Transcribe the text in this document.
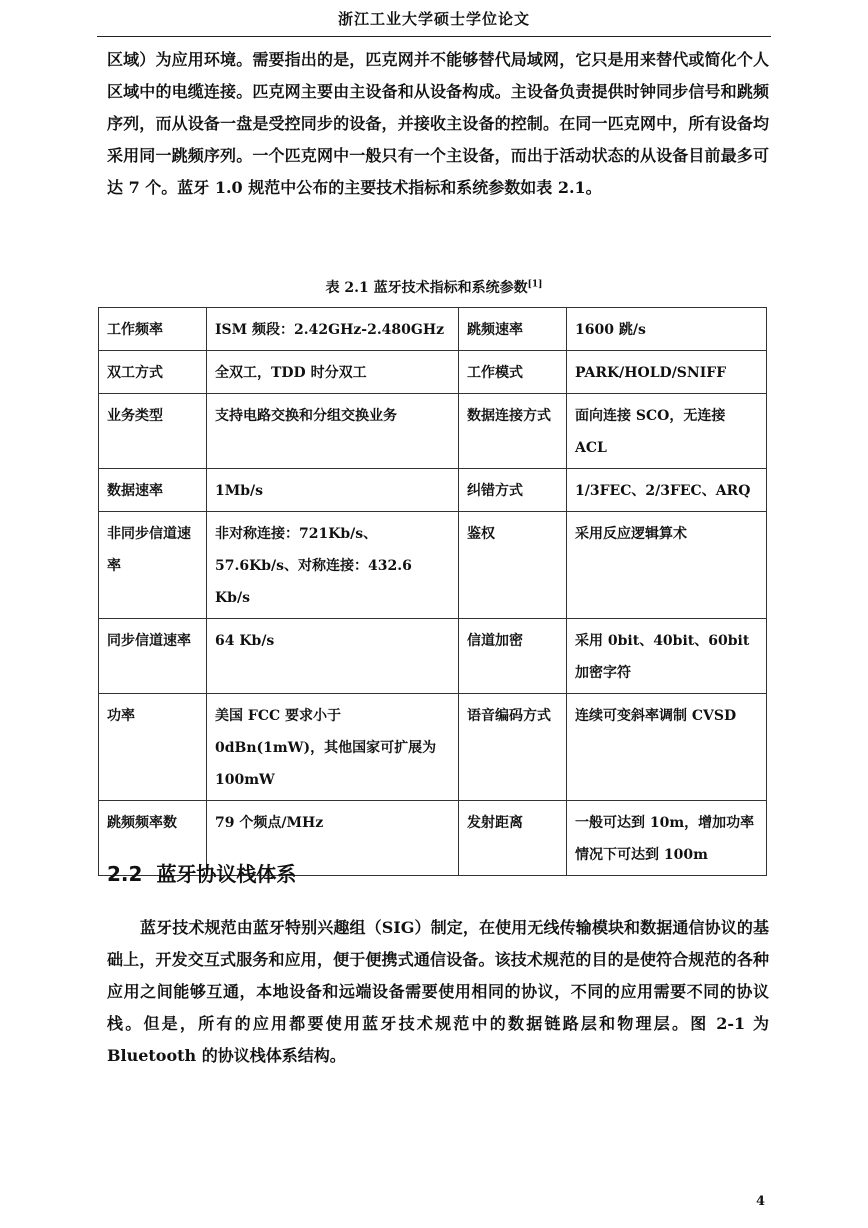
浙江工业大学硕士学位论文

区域）为应用环境。需要指出的是，匹克网并不能够替代局域网，它只是用来替代或简化个人区域中的电缆连接。匹克网主要由主设备和从设备构成。主设备负责提供时钟同步信号和跳频序列，而从设备一盘是受控同步的设备，并接收主设备的控制。在同一匹克网中，所有设备均采用同一跳频序列。一个匹克网中一般只有一个主设备，而出于活动状态的从设备目前最多可达 7 个。蓝牙 1.0 规范中公布的主要技术指标和系统参数如表 2.1。

表 2.1 蓝牙技术指标和系统参数[1]
工作频率	ISM 频段：2.42GHz-2.480GHz	跳频速率	1600 跳/s
双工方式	全双工，TDD 时分双工	工作模式	PARK/HOLD/SNIFF
业务类型	支持电路交换和分组交换业务	数据连接方式	面向连接 SCO，无连接 ACL
数据速率	1Mb/s	纠错方式	1/3FEC、2/3FEC、ARQ
非同步信道速率	非对称连接：721Kb/s、57.6Kb/s、对称连接：432.6 Kb/s	鉴权	采用反应逻辑算术
同步信道速率	64 Kb/s	信道加密	采用 0bit、40bit、60bit 加密字符
功率	美国 FCC 要求小于 0dBn(1mW)，其他国家可扩展为 100mW	语音编码方式	连续可变斜率调制 CVSD
跳频频率数	79 个频点/MHz	发射距离	一般可达到 10m，增加功率情况下可达到 100m
2.2 蓝牙协议栈体系

蓝牙技术规范由蓝牙特别兴趣组（SIG）制定，在使用无线传输模块和数据通信协议的基础上，开发交互式服务和应用，便于便携式通信设备。该技术规范的目的是使符合规范的各种应用之间能够互通，本地设备和远端设备需要使用相同的协议，不同的应用需要不同的协议栈。但是，所有的应用都要使用蓝牙技术规范中的数据链路层和物理层。图 2-1 为 Bluetooth 的协议栈体系结构。

4
